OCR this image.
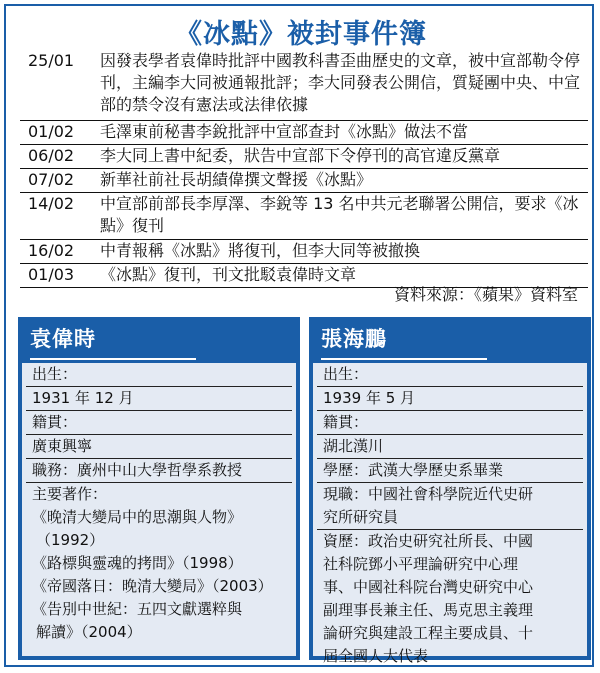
《冰點》被封事件簿
25/01	因發表學者袁偉時批評中國教科書歪曲歷史的文章，被中宣部勒令停刊，主編李大同被通報批評；李大同發表公開信，質疑團中央、中宣部的禁令沒有憲法或法律依據
01/02	毛澤東前秘書李銳批評中宣部查封《冰點》做法不當
06/02	李大同上書中紀委，狀告中宣部下令停刊的高官違反黨章
07/02	新華社前社長胡績偉撰文聲援《冰點》
14/02	中宣部前部長李厚澤、李銳等 13 名中共元老聯署公開信，要求《冰點》復刊
16/02	中青報稱《冰點》將復刊，但李大同等被撤換
01/03	《冰點》復刊，刊文批駁袁偉時文章
資料來源：《蘋果》資料室
袁偉時
出生：
1931 年 12 月
籍貫：
廣東興寧
職務：廣州中山大學哲學系教授
主要著作：
《晚清大變局中的思潮與人物》
（1992）
《路標與靈魂的拷問》（1998）
《帝國落日：晚清大變局》（2003）
《告別中世紀：五四文獻選粹與
解讀》（2004）
張海鵬
出生：
1939 年 5 月
籍貫：
湖北漢川
學歷：武漢大學歷史系畢業
現職：中國社會科學院近代史研
究所研究員
資歷：政治史研究社所長、中國
社科院鄧小平理論研究中心理
事、中國社科院台灣史研究中心
副理事長兼主任、馬克思主義理
論研究與建設工程主要成員、十
屆全國人大代表
